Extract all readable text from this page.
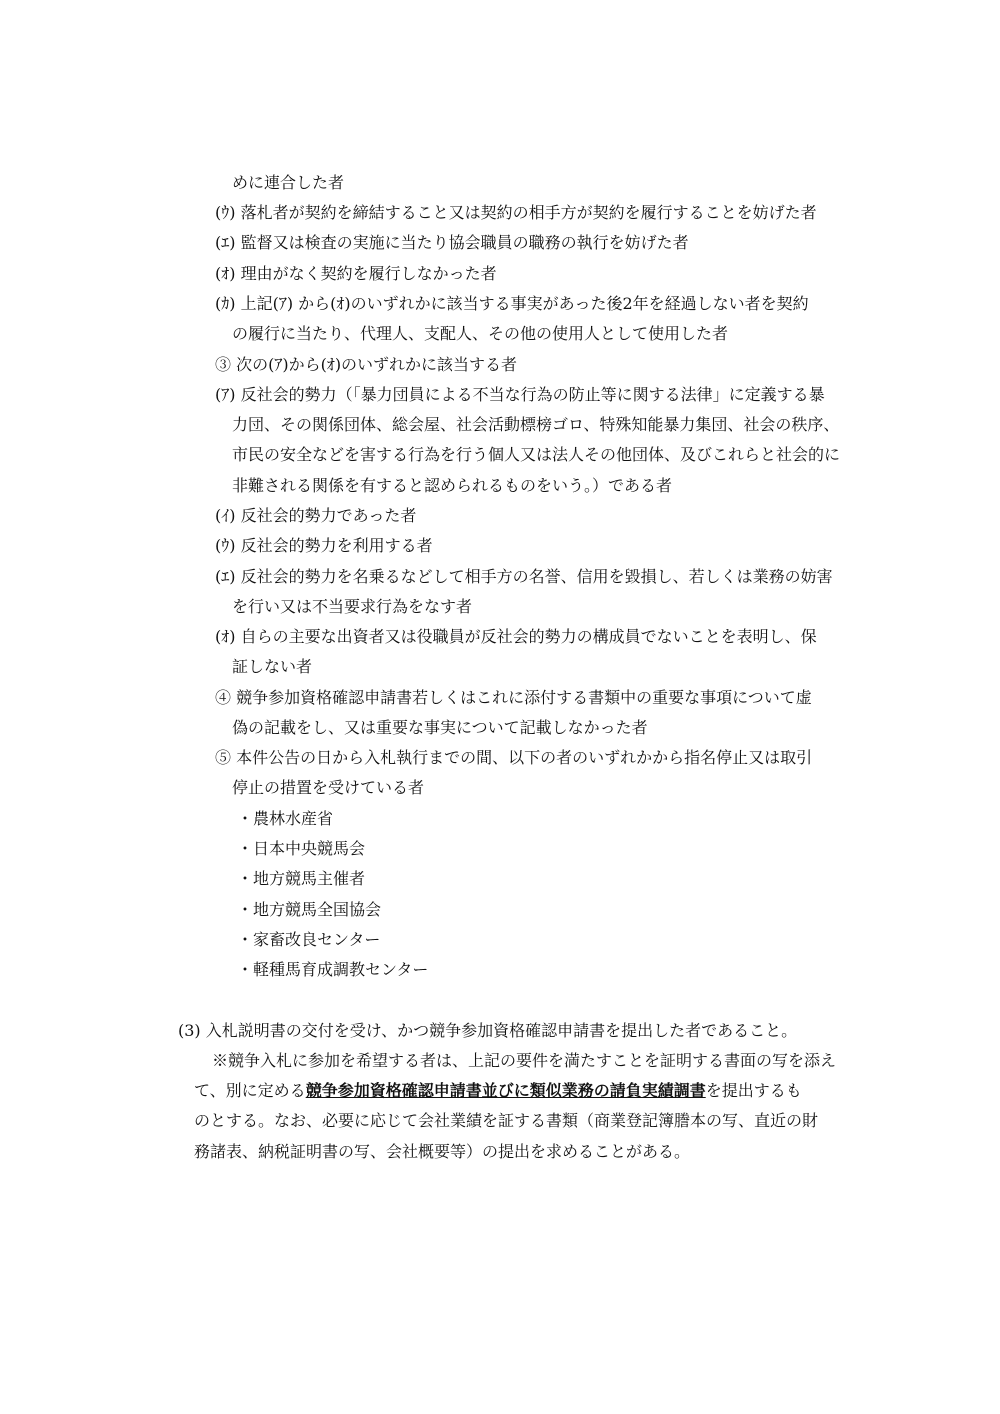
めに連合した者
(ｳ) 落札者が契約を締結すること又は契約の相手方が契約を履行することを妨げた者
(ｴ) 監督又は検査の実施に当たり協会職員の職務の執行を妨げた者
(ｵ) 理由がなく契約を履行しなかった者
(ｶ) 上記(ｱ) から(ｵ)のいずれかに該当する事実があった後2年を経過しない者を契約
の履行に当たり、代理人、支配人、その他の使用人として使用した者
③ 次の(ｱ)から(ｵ)のいずれかに該当する者
(ｱ) 反社会的勢力（「暴力団員による不当な行為の防止等に関する法律」に定義する暴
力団、その関係団体、総会屋、社会活動標榜ゴロ、特殊知能暴力集団、社会の秩序、
市民の安全などを害する行為を行う個人又は法人その他団体、及びこれらと社会的に
非難される関係を有すると認められるものをいう。）である者
(ｲ) 反社会的勢力であった者
(ｳ) 反社会的勢力を利用する者
(ｴ) 反社会的勢力を名乗るなどして相手方の名誉、信用を毀損し、若しくは業務の妨害
を行い又は不当要求行為をなす者
(ｵ) 自らの主要な出資者又は役職員が反社会的勢力の構成員でないことを表明し、保
証しない者
④ 競争参加資格確認申請書若しくはこれに添付する書類中の重要な事項について虚
偽の記載をし、又は重要な事実について記載しなかった者
⑤ 本件公告の日から入札執行までの間、以下の者のいずれかから指名停止又は取引
停止の措置を受けている者
・農林水産省
・日本中央競馬会
・地方競馬主催者
・地方競馬全国協会
・家畜改良センター
・軽種馬育成調教センター
(3) 入札説明書の交付を受け、かつ競争参加資格確認申請書を提出した者であること。
※競争入札に参加を希望する者は、上記の要件を満たすことを証明する書面の写を添え
て、別に定める競争参加資格確認申請書並びに類似業務の請負実績調書を提出するも
のとする。なお、必要に応じて会社業績を証する書類（商業登記簿謄本の写、直近の財
務諸表、納税証明書の写、会社概要等）の提出を求めることがある。
